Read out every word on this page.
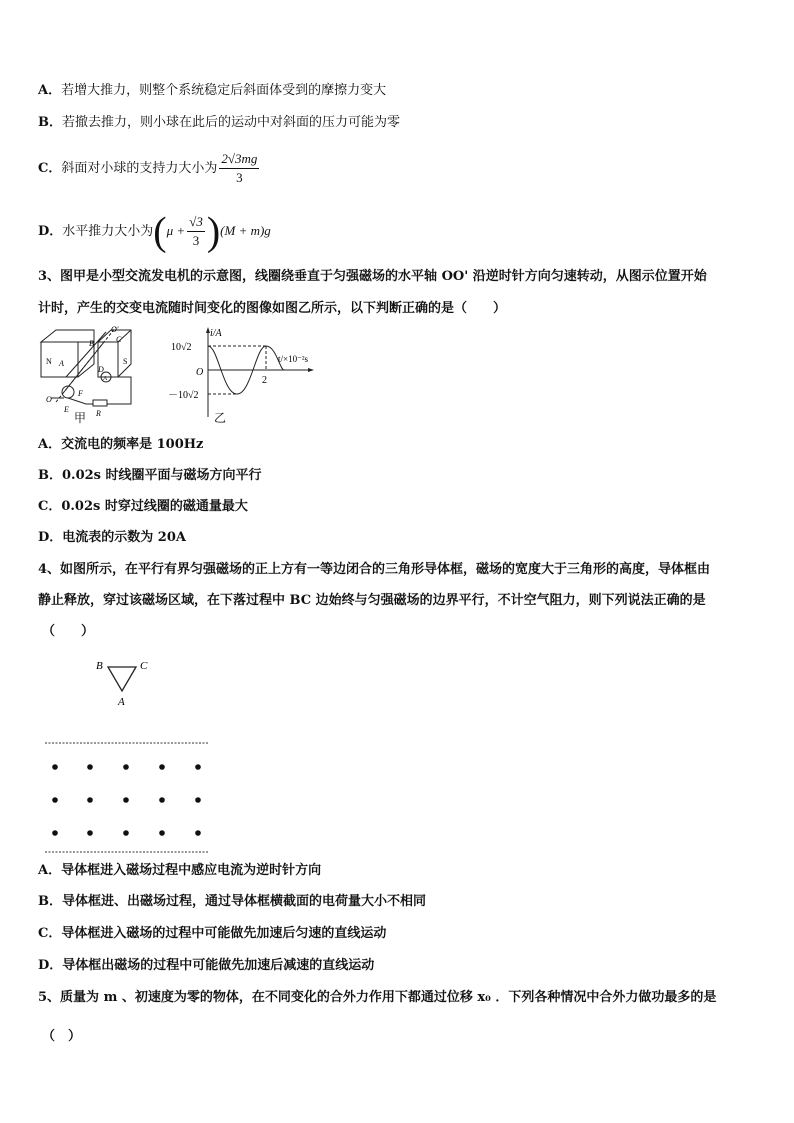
A．若增大推力，则整个系统稳定后斜面体受到的摩擦力变大
B．若撤去推力，则小球在此后的运动中对斜面的压力可能为零
C．斜面对小球的支持力大小为 $\frac{2√3mg}{3}$
D．水平推力大小为$(\mu + \frac{√3}{3} )(M + m)g$
3、图甲是小型交流发电机的示意图，线圈绕垂直于匀强磁场的水平轴 OO' 沿逆时针方向匀速转动，从图示位置开始
计时，产生的交变电流随时间变化的图像如图乙所示，以下判断正确的是（　　）
N	S
O'
O
A
B	C
D
E
F
R
A
甲
i/A
t/×10⁻²s
10√2
－10√2
O
2
乙
A．交流电的频率是 100Hz
B．0.02s 时线圈平面与磁场方向平行
C．0.02s 时穿过线圈的磁通量最大
D．电流表的示数为 20A
4、如图所示，在平行有界匀强磁场的正上方有一等边闭合的三角形导体框，磁场的宽度大于三角形的高度，导体框由
静止释放，穿过该磁场区域，在下落过程中 BC 边始终与匀强磁场的边界平行，不计空气阻力，则下列说法正确的是
（　　）
B	C
A
A．导体框进入磁场过程中感应电流为逆时针方向
B．导体框进、出磁场过程，通过导体框横截面的电荷量大小不相同
C．导体框进入磁场的过程中可能做先加速后匀速的直线运动
D．导体框出磁场的过程中可能做先加速后减速的直线运动
5、质量为 m 、初速度为零的物体，在不同变化的合外力作用下都通过位移 x₀ ．下列各种情况中合外力做功最多的是
（　）
